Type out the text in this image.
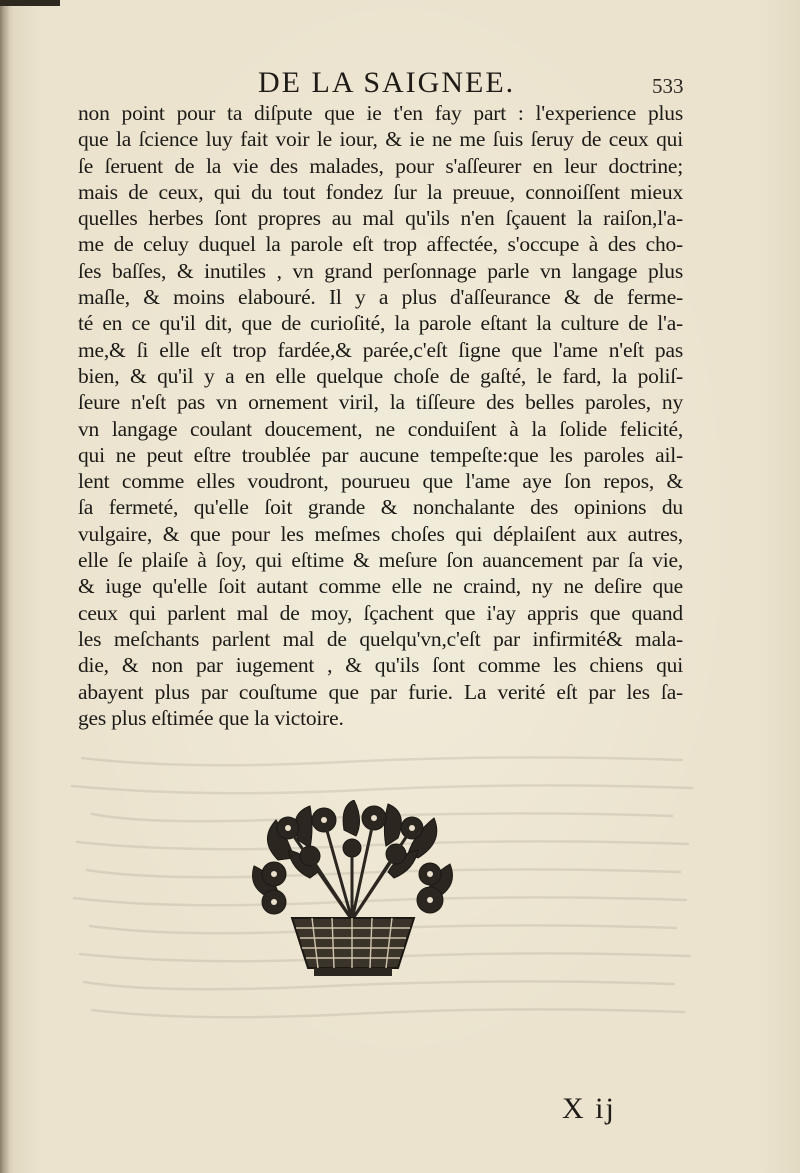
DE LA SAIGNEE.	533
non point pour ta diſpute que ie t'en fay part : l'experience plus
que la ſcience luy fait voir le iour, & ie ne me ſuis ſeruy de ceux qui
ſe ſeruent de la vie des malades, pour s'aſſeurer en leur doctrine;
mais de ceux, qui du tout fondez ſur la preuue, connoiſſent mieux
quelles herbes ſont propres au mal qu'ils n'en ſçauent la raiſon,l'a-
me de celuy duquel la parole eſt trop affectée, s'occupe à des cho-
ſes baſſes, & inutiles , vn grand perſonnage parle vn langage plus
maſle, & moins elabouré. Il y a plus d'aſſeurance & de ferme-
té en ce qu'il dit, que de curioſité, la parole eſtant la culture de l'a-
me,& ſi elle eſt trop fardée,& parée,c'eſt ſigne que l'ame n'eſt pas
bien, & qu'il y a en elle quelque choſe de gaſté, le fard, la poliſ-
ſeure n'eſt pas vn ornement viril, la tiſſeure des belles paroles, ny
vn langage coulant doucement, ne conduiſent à la ſolide felicité,
qui ne peut eſtre troublée par aucune tempeſte:que les paroles ail-
lent comme elles voudront, pourueu que l'ame aye ſon repos, &
ſa fermeté, qu'elle ſoit grande & nonchalante des opinions du
vulgaire, & que pour les meſmes choſes qui déplaiſent aux autres,
elle ſe plaiſe à ſoy, qui eſtime & meſure ſon auancement par ſa vie,
& iuge qu'elle ſoit autant comme elle ne craind, ny ne deſire que
ceux qui parlent mal de moy, ſçachent que i'ay appris que quand
les meſchants parlent mal de quelqu'vn,c'eſt par infirmité& mala-
die, & non par iugement , & qu'ils ſont comme les chiens qui
abayent plus par couſtume que par furie. La verité eſt par les ſa-
ges plus eſtimée que la victoire.
X ij
